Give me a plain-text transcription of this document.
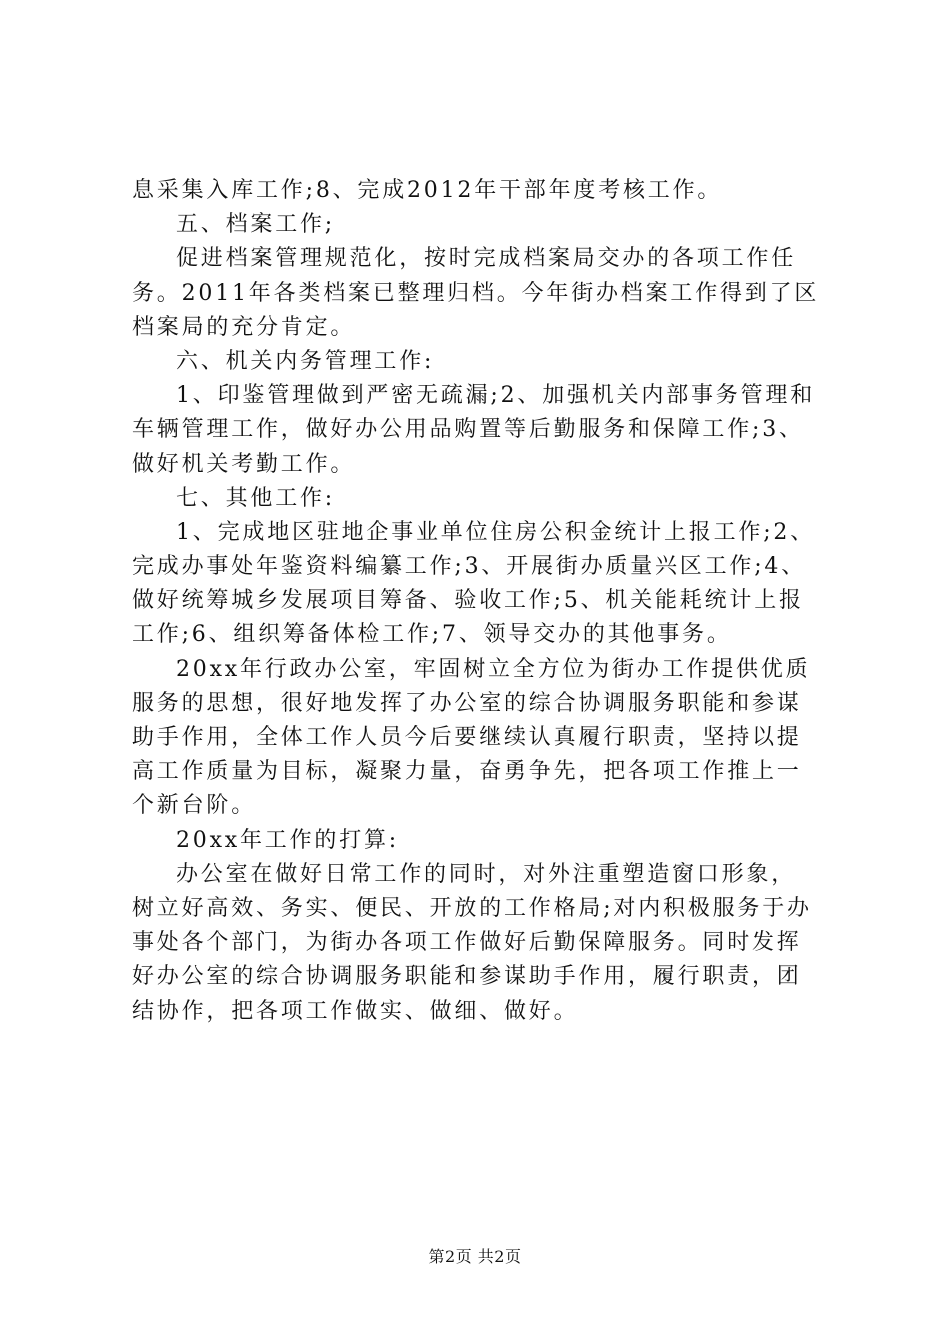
息采集入库工作;8、完成2012年干部年度考核工作。
五、档案工作;
促进档案管理规范化，按时完成档案局交办的各项工作任
务。2011年各类档案已整理归档。今年街办档案工作得到了区
档案局的充分肯定。
六、机关内务管理工作:
1、印鉴管理做到严密无疏漏;2、加强机关内部事务管理和
车辆管理工作，做好办公用品购置等后勤服务和保障工作;3、
做好机关考勤工作。
七、其他工作:
1、完成地区驻地企事业单位住房公积金统计上报工作;2、
完成办事处年鉴资料编纂工作;3、开展街办质量兴区工作;4、
做好统筹城乡发展项目筹备、验收工作;5、机关能耗统计上报
工作;6、组织筹备体检工作;7、领导交办的其他事务。
20xx年行政办公室，牢固树立全方位为街办工作提供优质
服务的思想，很好地发挥了办公室的综合协调服务职能和参谋
助手作用，全体工作人员今后要继续认真履行职责，坚持以提
高工作质量为目标，凝聚力量，奋勇争先，把各项工作推上一
个新台阶。
20xx年工作的打算:
办公室在做好日常工作的同时，对外注重塑造窗口形象，
树立好高效、务实、便民、开放的工作格局;对内积极服务于办
事处各个部门，为街办各项工作做好后勤保障服务。同时发挥
好办公室的综合协调服务职能和参谋助手作用，履行职责，团
结协作，把各项工作做实、做细、做好。
第2页 共2页
